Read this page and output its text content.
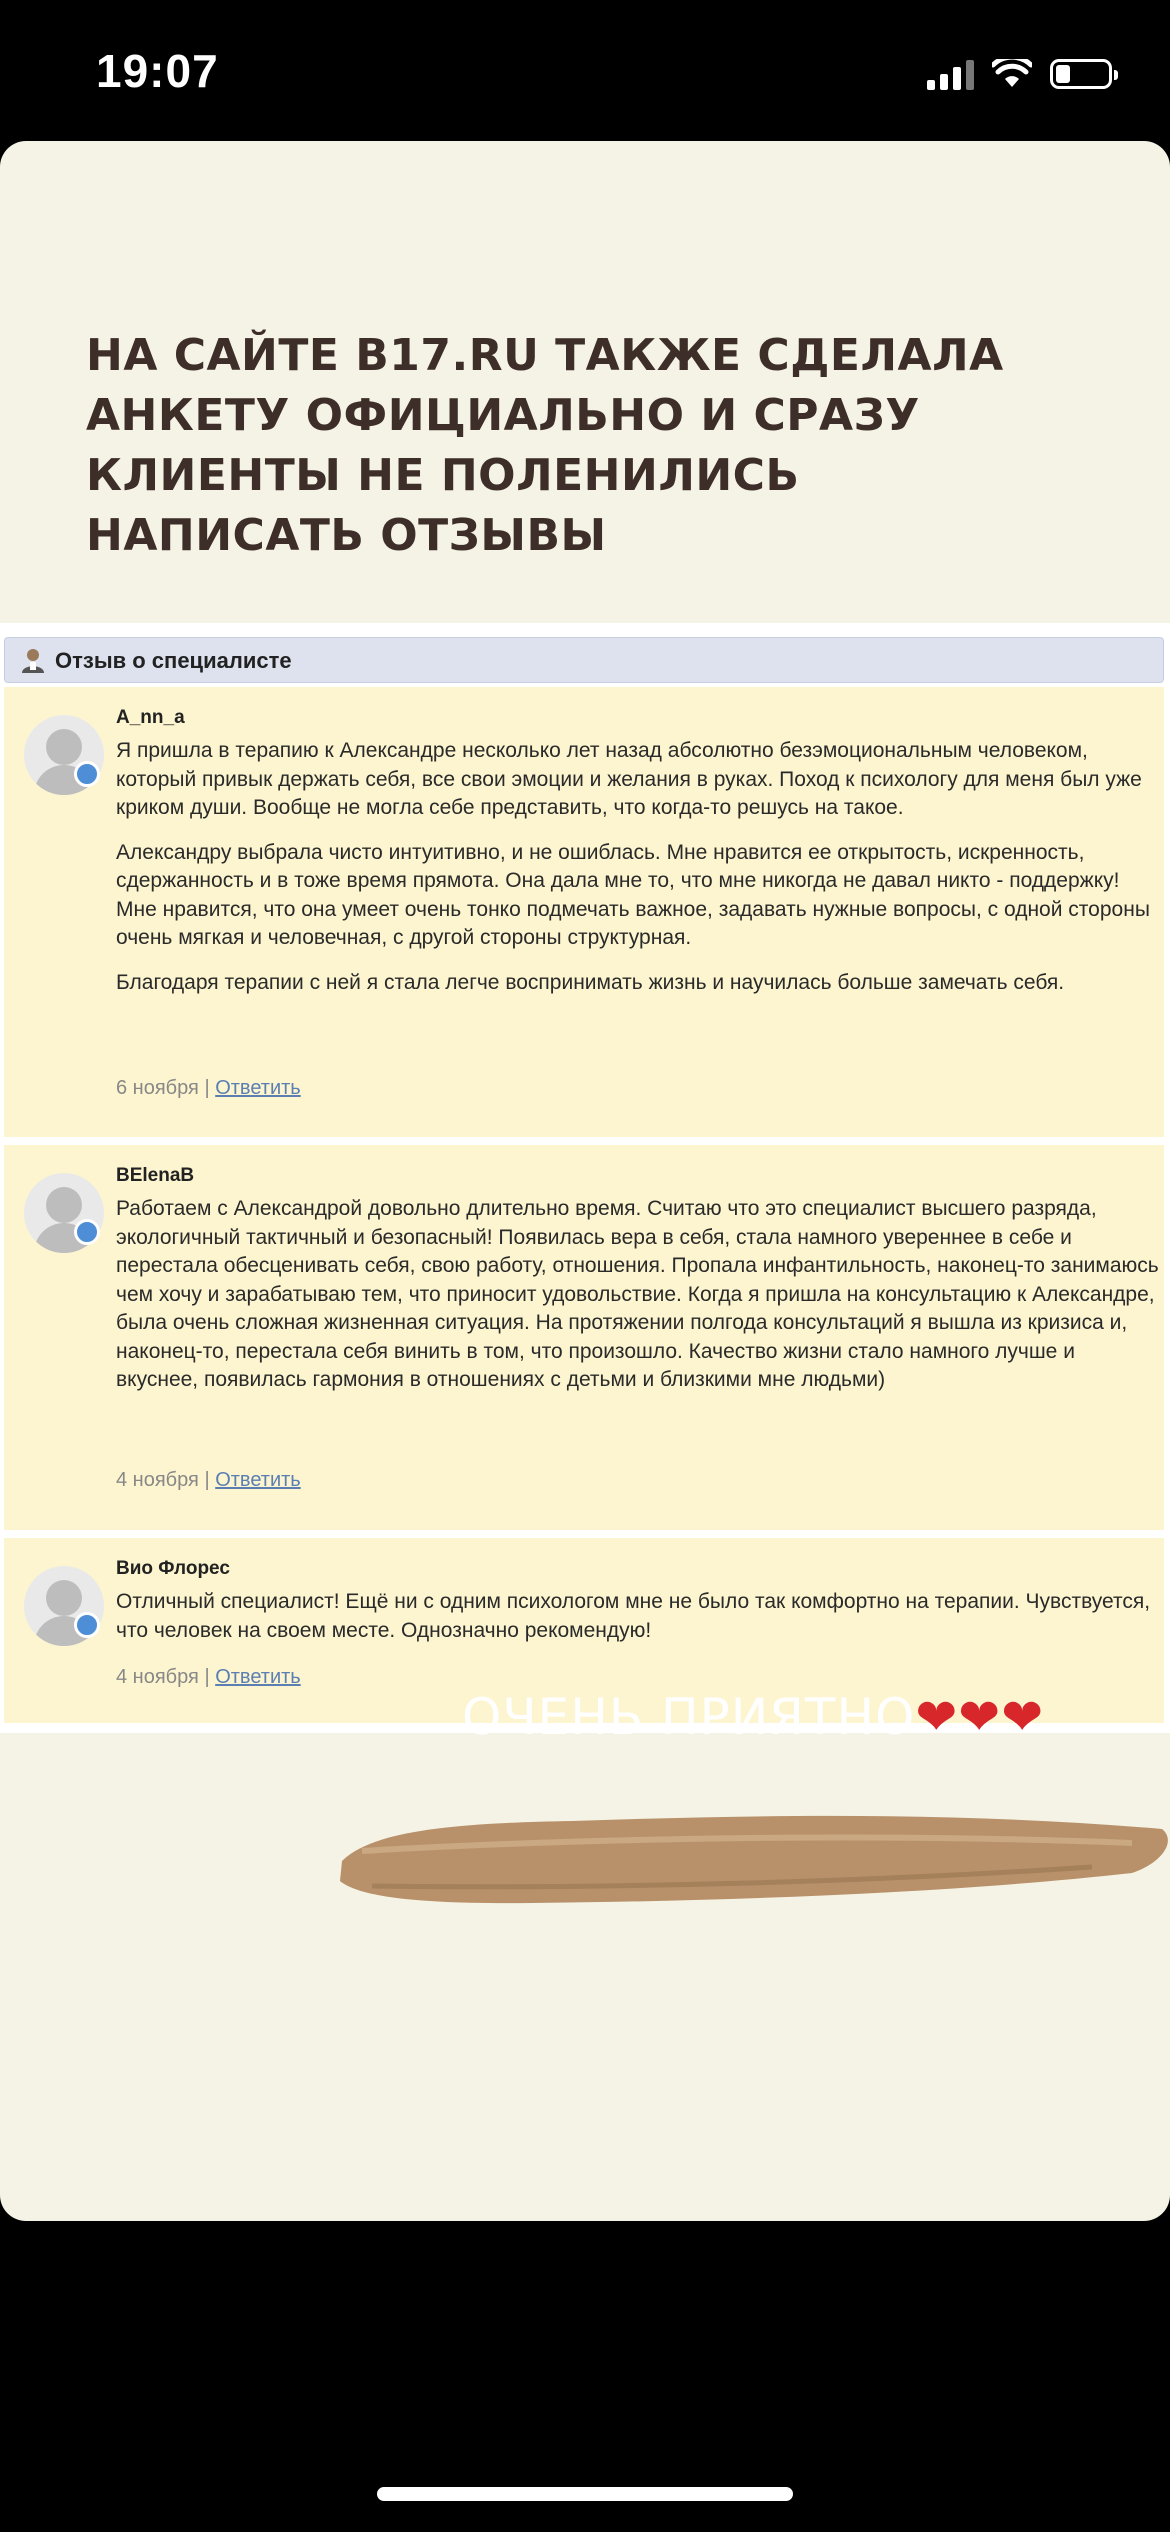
19:07
НА САЙТЕ B17.RU ТАКЖЕ СДЕЛАЛА
АНКЕТУ ОФИЦИАЛЬНО И СРАЗУ
КЛИЕНТЫ НЕ ПОЛЕНИЛИСЬ
НАПИСАТЬ ОТЗЫВЫ
Отзыв о специалисте
A_nn_a

Я пришла в терапию к Александре несколько лет назад абсолютно безэмоциональным человеком, который привык держать себя, все свои эмоции и желания в руках. Поход к психологу для меня был уже криком души. Вообще не могла себе представить, что когда-то решусь на такое.

Александру выбрала чисто интуитивно, и не ошиблась. Мне нравится ее открытость, искренность, сдержанность и в тоже время прямота. Она дала мне то, что мне никогда не давал никто - поддержку! Мне нравится, что она умеет очень тонко подмечать важное, задавать нужные вопросы, с одной стороны очень мягкая и человечная, с другой стороны структурная.

Благодаря терапии с ней я стала легче воспринимать жизнь и научилась больше замечать себя.

6 ноября | Ответить
BElenaB

Работаем с Александрой довольно длительно время. Считаю что это специалист высшего разряда, экологичный тактичный и безопасный! Появилась вера в себя, стала намного увереннее в себе и перестала обесценивать себя, свою работу, отношения. Пропала инфантильность, наконец-то занимаюсь чем хочу и зарабатываю тем, что приносит удовольствие. Когда я пришла на консультацию к Александре, была очень сложная жизненная ситуация. На протяжении полгода консультаций я вышла из кризиса и, наконец-то, перестала себя винить в том, что произошло. Качество жизни стало намного лучше и вкуснее, появилась гармония в отношениях с детьми и близкими мне людьми)

4 ноября | Ответить
Вио Флорес

Отличный специалист! Ещё ни с одним психологом мне не было так комфортно на терапии. Чувствуется, что человек на своем месте. Однозначно рекомендую!

4 ноября | Ответить
ОЧЕНЬ ПРИЯТНО❤❤❤
